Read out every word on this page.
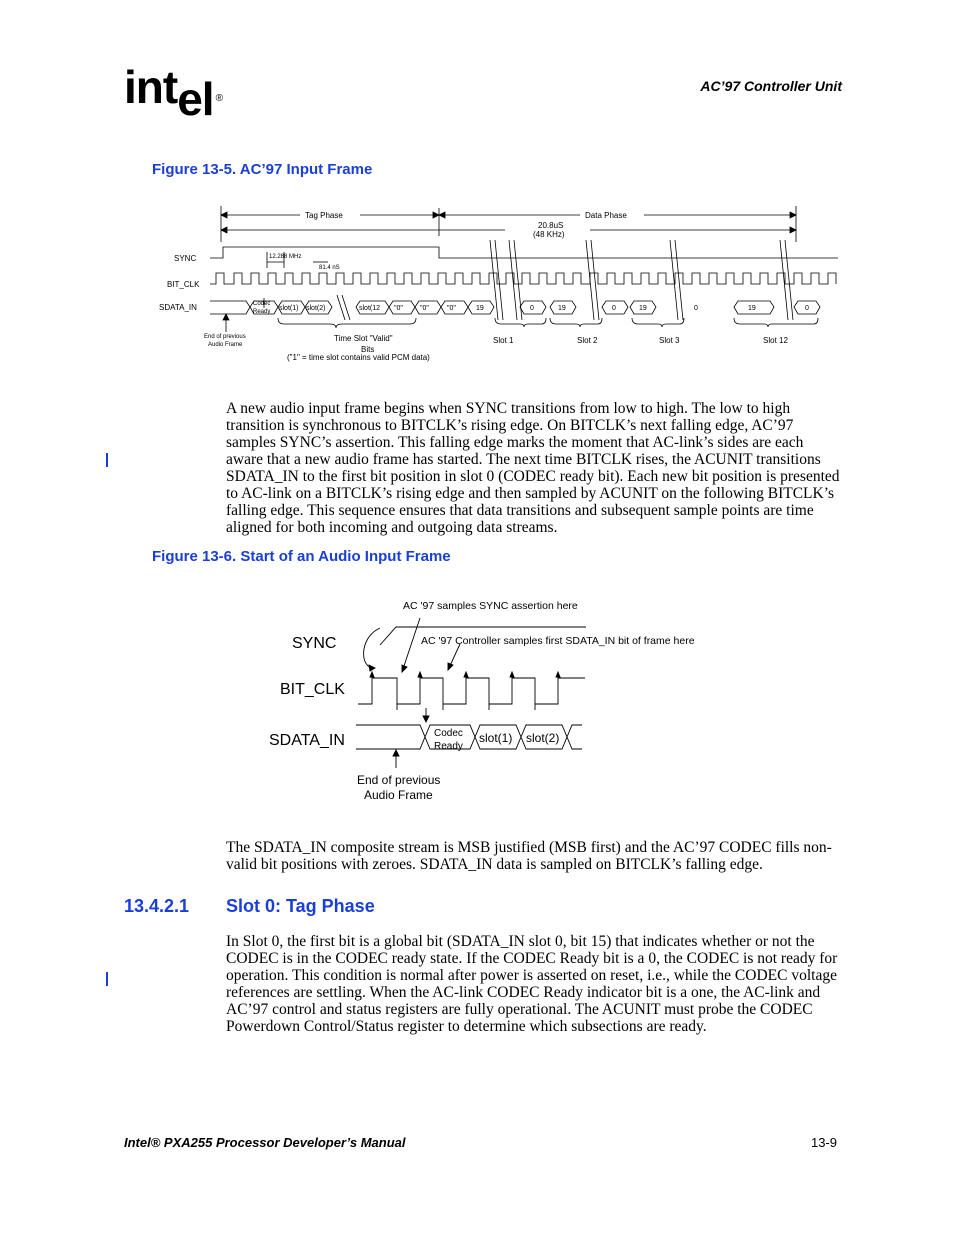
intel ®
AC’97 Controller Unit
Figure 13-5. AC’97 Input Frame
Tag Phase	Data Phase
20.8uS
(48 KHz)
SYNC
BIT_CLK
SDATA_IN
12.288 MHz
81.4 nS
Codec
Ready slot(1) slot(2)	slot(12 "0" "0"	"0"	19	0	19	0	19	0	19	0
End of previous
Audio Frame
Time Slot "Valid"
Bits
("1" = time slot contains valid PCM data)
Slot 1	Slot 2	Slot 3	Slot 12
A new audio input frame begins when SYNC transitions from low to high. The low to high transition is synchronous to BITCLK’s rising edge. On BITCLK’s next falling edge, AC’97 samples SYNC’s assertion. This falling edge marks the moment that AC-link’s sides are each aware that a new audio frame has started. The next time BITCLK rises, the ACUNIT transitions SDATA_IN to the first bit position in slot 0 (CODEC ready bit). Each new bit position is presented to AC-link on a BITCLK’s rising edge and then sampled by ACUNIT on the following BITCLK’s falling edge. This sequence ensures that data transitions and subsequent sample points are time aligned for both incoming and outgoing data streams.
Figure 13-6. Start of an Audio Input Frame
AC '97 samples SYNC assertion here
AC '97 Controller samples first SDATA_IN bit of frame here
SYNC
BIT_CLK
SDATA_IN	Codec
Ready
slot(1) slot(2)
End of previous
Audio Frame
The SDATA_IN composite stream is MSB justified (MSB first) and the AC’97 CODEC fills non-valid bit positions with zeroes. SDATA_IN data is sampled on BITCLK’s falling edge.
13.4.2.1 Slot 0: Tag Phase
In Slot 0, the first bit is a global bit (SDATA_IN slot 0, bit 15) that indicates whether or not the CODEC is in the CODEC ready state. If the CODEC Ready bit is a 0, the CODEC is not ready for operation. This condition is normal after power is asserted on reset, i.e., while the CODEC voltage references are settling. When the AC-link CODEC Ready indicator bit is a one, the AC-link and AC’97 control and status registers are fully operational. The ACUNIT must probe the CODEC Powerdown Control/Status register to determine which subsections are ready.
Intel® PXA255 Processor Developer’s Manual	13-9
